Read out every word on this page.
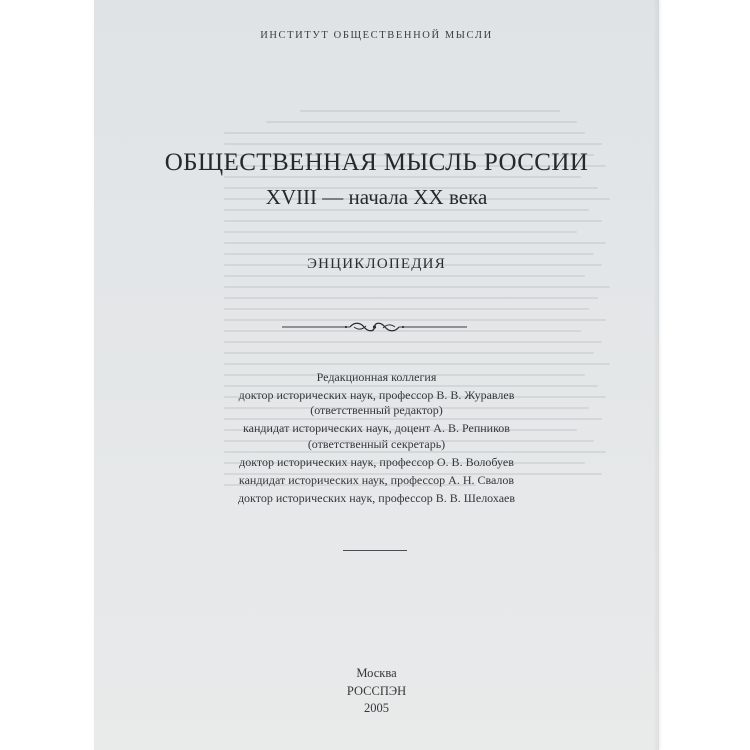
ИНСТИТУТ ОБЩЕСТВЕННОЙ МЫСЛИ
ОБЩЕСТВЕННАЯ МЫСЛЬ РОССИИ
XVIII — начала XX века
ЭНЦИКЛОПЕДИЯ
Редакционная коллегия
доктор исторических наук, профессор В. В. Журавлев
(ответственный редактор)
кандидат исторических наук, доцент А. В. Репников
(ответственный секретарь)
доктор исторических наук, профессор О. В. Волобуев
кандидат исторических наук, профессор А. Н. Свалов
доктор исторических наук, профессор В. В. Шелохаев
Москва
РОССПЭН
2005
